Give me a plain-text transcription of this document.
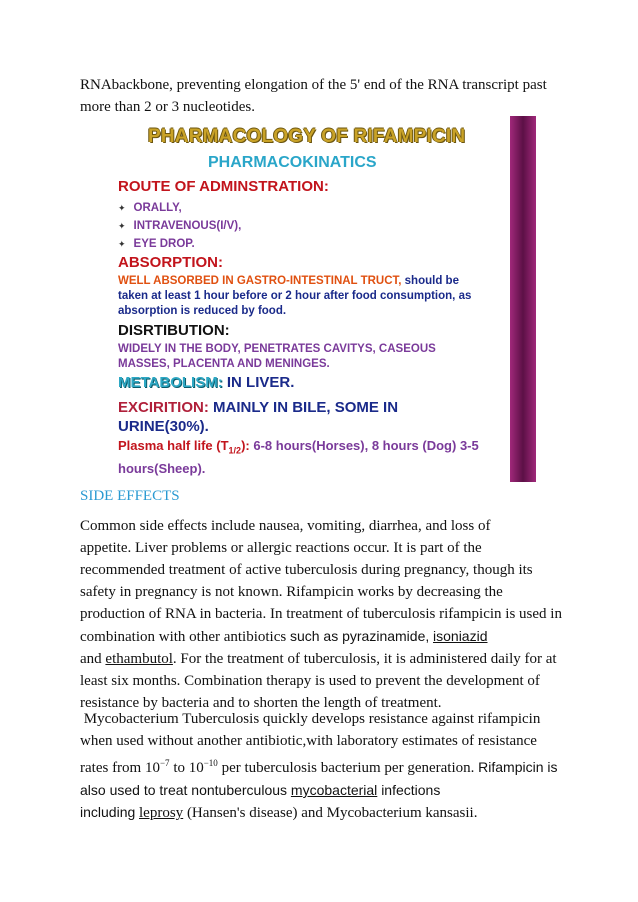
RNAbackbone, preventing elongation of the 5' end of the RNA transcript past
more than 2 or 3 nucleotides.
PHARMACOLOGY OF RIFAMPICIN
PHARMACOKINATICS
ROUTE OF ADMINSTRATION:
✦ ORALLY,
✦ INTRAVENOUS(I/V),
✦ EYE DROP.
ABSORPTION:
WELL ABSORBED IN GASTRO-INTESTINAL TRUCT, should be taken at least 1 hour before or 2 hour after food consumption, as absorption is reduced by food.
DISRTIBUTION:
WIDELY IN THE BODY, PENETRATES CAVITYS, CASEOUS MASSES, PLACENTA AND MENINGES.
METABOLISM: IN LIVER.
EXCIRITION: MAINLY IN BILE, SOME IN URINE(30%).
Plasma half life $(T_{1/2})$: 6-8 hours(Horses), 8 hours (Dog) 3-5 hours(Sheep).
SIDE EFFECTS
Common side effects include nausea, vomiting, diarrhea, and loss of
appetite. Liver problems or allergic reactions occur. It is part of the
recommended treatment of active tuberculosis during pregnancy, though its
safety in pregnancy is not known. Rifampicin works by decreasing the
production of RNA in bacteria. In treatment of tuberculosis rifampicin is used in
combination with other antibiotics such as pyrazinamide, isoniazid
and ethambutol. For the treatment of tuberculosis, it is administered daily for at
least six months. Combination therapy is used to prevent the development of
resistance by bacteria and to shorten the length of treatment.
Mycobacterium Tuberculosis quickly develops resistance against rifampicin
when used without another antibiotic,with laboratory estimates of resistance
rates from $10^{-7}$ to $10^{-10}$ per tuberculosis bacterium per generation. Rifampicin is
also used to treat nontuberculous mycobacterial infections
including leprosy (Hansen's disease) and Mycobacterium kansasii.
